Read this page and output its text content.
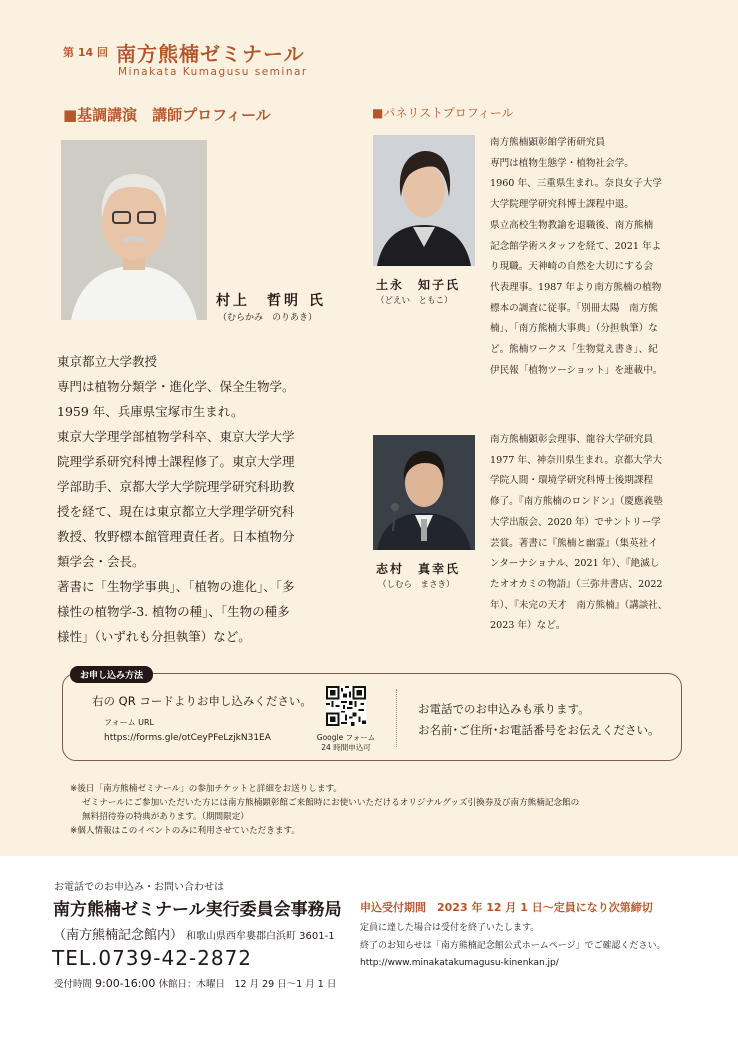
第 14 回 南方熊楠ゼミナール
Minakata Kumagusu seminar
■基調講演　講師プロフィール	■パネリストプロフィール
村上　哲明 氏
（むらかみ　のりあき）

東京都立大学教授

専門は植物分類学・進化学、保全生物学。

1959 年、兵庫県宝塚市生まれ。

東京大学理学部植物学科卒、東京大学大学

院理学系研究科博士課程修了。東京大学理

学部助手、京都大学大学院理学研究科助教

授を経て、現在は東京都立大学理学研究科

教授、牧野標本館管理責任者。日本植物分

類学会・会長。

著書に「生物学事典」、「植物の進化」、「多

様性の植物学-3. 植物の種」、「生物の種多

様性」（いずれも分担執筆）など。

土永　知子氏
（どえい　ともこ）

南方熊楠顕彰館学術研究員

専門は植物生態学・植物社会学。

1960 年、三重県生まれ。奈良女子大学

大学院理学研究科博士課程中退。

県立高校生物教諭を退職後、南方熊楠

記念館学術スタッフを経て、2021 年よ

り現職。天神崎の自然を大切にする会

代表理事。1987 年より南方熊楠の植物

標本の調査に従事。「別冊太陽　南方熊

楠」、「南方熊楠大事典」（分担執筆）な

ど。熊楠ワークス「生物覚え書き」、紀

伊民報「植物ツーショット」を連載中。

志村　真幸氏
（しむら　まさき）

南方熊楠顕彰会理事、龍谷大学研究員

1977 年、神奈川県生まれ。京都大学大

学院人間・環境学研究科博士後期課程

修了。『南方熊楠のロンドン』（慶應義塾

大学出版会、2020 年）でサントリー学

芸賞。著書に『熊楠と幽霊』（集英社イ

ンターナショナル、2021 年）、『絶滅し

たオオカミの物語』（三弥井書店、2022

年）、『未完の天才　南方熊楠』（講談社、

2023 年）など。

お申し込み方法
右の QR コードよりお申し込みください。
フォーム URL
https://forms.gle/otCeyPFeLzjkN31EA	Google フォーム
24 時間申込可
お電話でのお申込みも承ります。
お名前･ご住所･お電話番号をお伝えください。
※後日「南方熊楠ゼミナール」の参加チケットと詳細をお送りします。
ゼミナールにご参加いただいた方には南方熊楠顕彰館ご来館時にお使いいただけるオリジナルグッズ引換券及び南方熊楠記念館の
無料招待券の特典があります。（期間限定）
※個人情報はこのイベントのみに利用させていただきます。
お電話でのお申込み・お問い合わせは
南方熊楠ゼミナール実行委員会事務局
（南方熊楠記念館内） 和歌山県西牟婁郡白浜町 3601-1
TEL.0739-42-2872
受付時間 9:00-16:00 休館日：木曜日　12 月 29 日～1 月 1 日
申込受付期間　2023 年 12 月 1 日～定員になり次第締切
定員に達した場合は受付を終了いたします。
終了のお知らせは「南方熊楠記念館公式ホームページ」でご確認ください。
http://www.minakatakumagusu-kinenkan.jp/
